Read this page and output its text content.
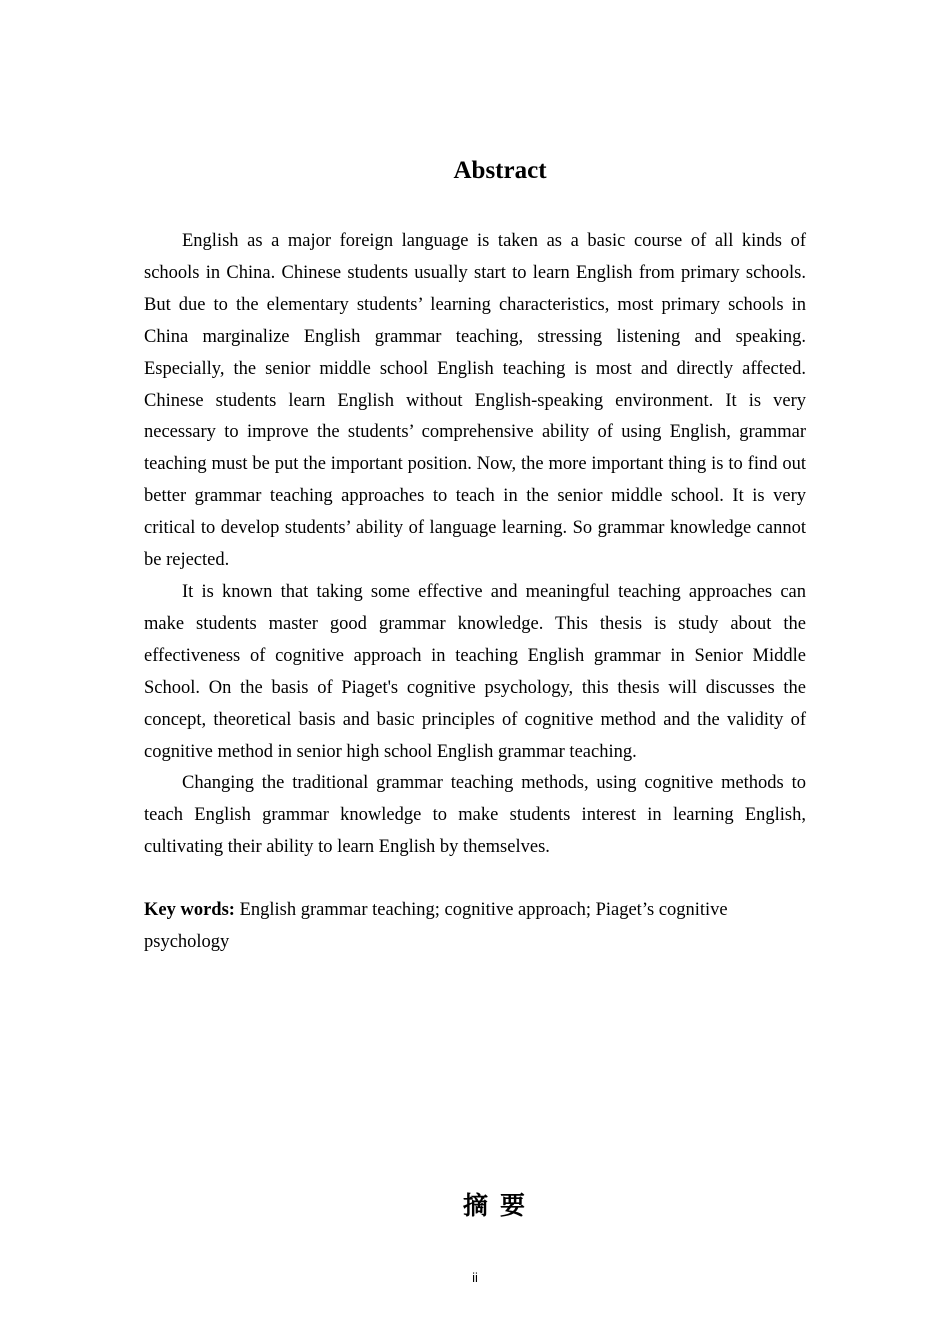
Abstract

English as a major foreign language is taken as a basic course of all kinds of schools in China. Chinese students usually start to learn English from primary schools. But due to the elementary students’ learning characteristics, most primary schools in China marginalize English grammar teaching, stressing listening and speaking. Especially, the senior middle school English teaching is most and directly affected. Chinese students learn English without English-speaking environment. It is very necessary to improve the students’ comprehensive ability of using English, grammar teaching must be put the important position. Now, the more important thing is to find out better grammar teaching approaches to teach in the senior middle school. It is very critical to develop students’ ability of language learning. So grammar knowledge cannot be rejected.

It is known that taking some effective and meaningful teaching approaches can make students master good grammar knowledge. This thesis is study about the effectiveness of cognitive approach in teaching English grammar in Senior Middle School. On the basis of Piaget's cognitive psychology, this thesis will discusses the concept, theoretical basis and basic principles of cognitive method and the validity of cognitive method in senior high school English grammar teaching.

Changing the traditional grammar teaching methods, using cognitive methods to teach English grammar knowledge to make students interest in learning English, cultivating their ability to learn English by themselves.

Key words: English grammar teaching; cognitive approach; Piaget’s cognitive psychology
摘要
ii
